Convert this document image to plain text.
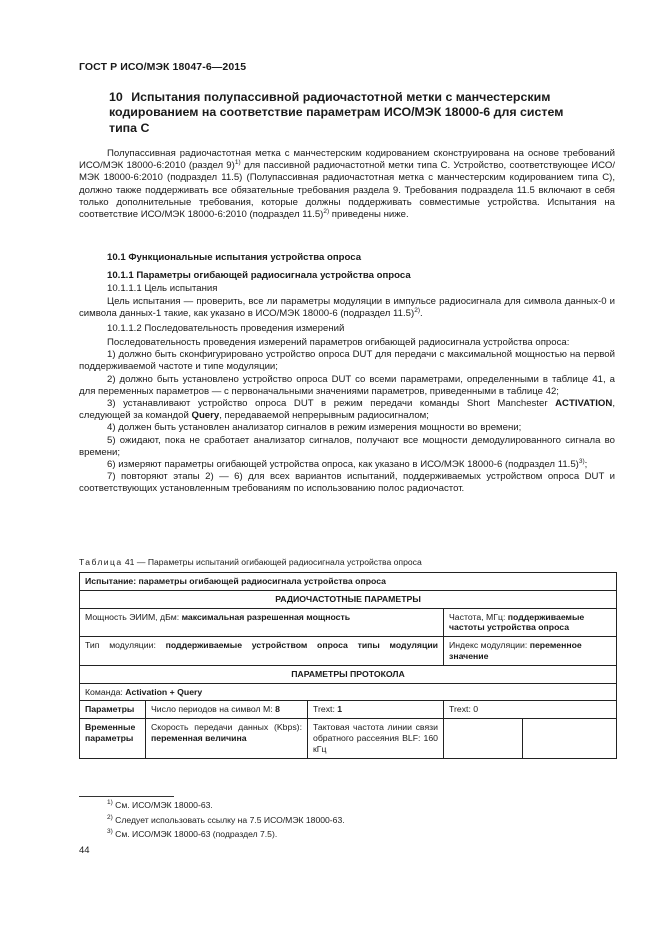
ГОСТ Р ИСО/МЭК 18047-6—2015
10 Испытания полупассивной радиочастотной метки с манчестерским кодированием на соответствие параметрам ИСО/МЭК 18000-6 для систем типа С

Полупассивная радиочастотная метка с манчестерским кодированием сконструирована на основе требований ИСО/МЭК 18000-6:2010 (раздел 9)$^{1)}$ для пассивной радиочастотной метки типа С. Устройство, соответствующее ИСО/МЭК 18000-6:2010 (подраздел 11.5) (Полупассивная радиочастотная метка с манчестерским кодированием типа С), должно также поддерживать все обязательные требования раздела 9. Требования подраздела 11.5 включают в себя только дополнительные требования, которые должны поддерживать совместимые устройства. Испытания на соответствие ИСО/МЭК 18000-6:2010 (подраздел 11.5)$^{2)}$ приведены ниже.

10.1 Функциональные испытания устройства опроса
10.1.1 Параметры огибающей радиосигнала устройства опроса
10.1.1.1 Цель испытания

Цель испытания — проверить, все ли параметры модуляции в импульсе радиосигнала для символа данных-0 и символа данных-1 такие, как указано в ИСО/МЭК 18000-6 (подраздел 11.5)$^{2)}$.

10.1.1.2 Последовательность проведения измерений

Последовательность проведения измерений параметров огибающей радиосигнала устройства опроса:

1) должно быть сконфигурировано устройство опроса DUT для передачи с максимальной мощностью на первой поддерживаемой частоте и типе модуляции;

2) должно быть установлено устройство опроса DUT со всеми параметрами, определенными в таблице 41, а для переменных параметров — с первоначальными значениями параметров, приведенными в таблице 42;

3) устанавливают устройство опроса DUT в режим передачи команды Short Manchester ACTIVATION, следующей за командой Query, передаваемой непрерывным радиосигналом;

4) должен быть установлен анализатор сигналов в режим измерения мощности во времени;

5) ожидают, пока не сработает анализатор сигналов, получают все мощности демодулированного сигнала во времени;

6) измеряют параметры огибающей устройства опроса, как указано в ИСО/МЭК 18000-6 (подраздел 11.5)$^{3)}$;

7) повторяют этапы 2) — 6) для всех вариантов испытаний, поддерживаемых устройством опроса DUT и соответствующих установленным требованиям по использованию полос радиочастот.

Таблица 41 — Параметры испытаний огибающей радиосигнала устройства опроса
Испытание: параметры огибающей радиосигнала устройства опроса				
РАДИОЧАСТОТНЫЕ ПАРАМЕТРЫ				
Мощность ЭИИМ, дБм: максимальная разрешенная мощность			Частота, МГц: поддерживаемые частоты устройства опроса	
Тип модуляции: поддерживаемые устройством опроса типы модуляции			Индекс модуляции: переменное значение	
ПАРАМЕТРЫ ПРОТОКОЛА				
Команда: Activation + Query				
Параметры	Число периодов на символ М: 8	Trext: 1	Trext: 0	
Временные параметры	Скорость передачи данных (Kbps): переменная величина	Тактовая частота линии связи обратного рассеяния BLF: 160 кГц		
$^{1)}$ См. ИСО/МЭК 18000-63.
$^{2)}$ Следует использовать ссылку на 7.5 ИСО/МЭК 18000-63.
$^{3)}$ См. ИСО/МЭК 18000-63 (подраздел 7.5).
44
